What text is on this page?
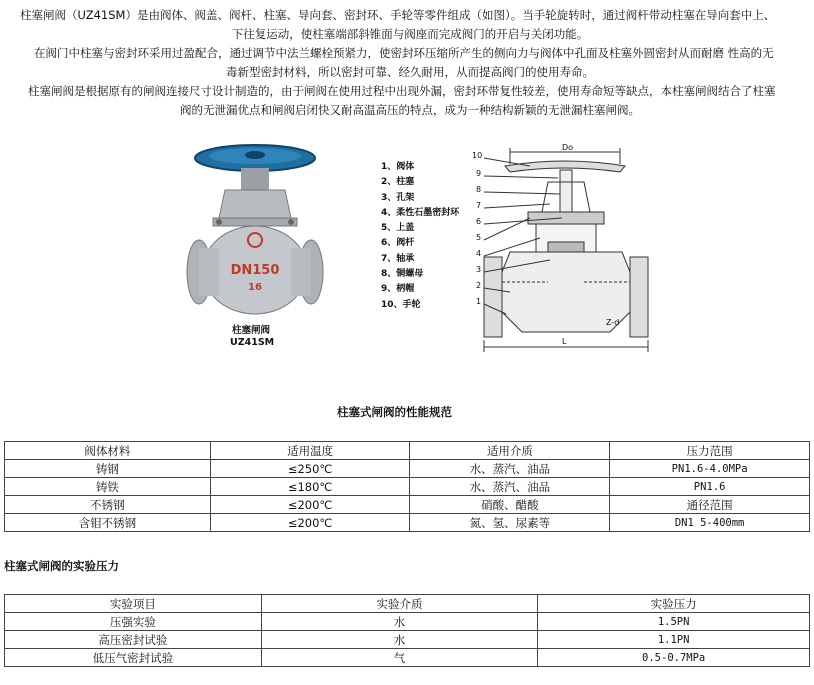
柱塞闸阀（UZ41SM）是由阀体、阀盖、阀杆、柱塞、导向套、密封环、手轮等零件组成（如图）。当手轮旋转时，通过阀杆带动柱塞在导向套中上、

下往复运动，使柱塞端部斜锥面与阀座而完成阀门的开启与关闭功能。

在阀门中柱塞与密封环采用过盈配合，通过调节中法兰螺栓预紧力，使密封环压缩所产生的侧向力与阀体中孔面及柱塞外圆密封从而耐磨 性高的无

毒新型密封材料，所以密封可靠、经久耐用，从而提高阀门的使用寿命。

柱塞闸阀是根据原有的闸阀连接尺寸设计制造的，由于闸阀在使用过程中出现外漏，密封环带复性较差，使用寿命短等缺点，本柱塞闸阀结合了柱塞

阀的无泄漏优点和闸阀启闭快又耐高温高压的特点，成为一种结构新颖的无泄漏柱塞闸阀。

DN150
16
柱塞闸阀
UZ41SM
1、阀体
2、柱塞
3、孔架
4、柔性石墨密封环
5、上盖
6、阀杆
7、轴承
8、铜螺母
9、柄帽
10、手轮
10
9
8
7
6
5
4
3
2
1
Do
L
Z-d
柱塞式闸阀的性能规范
阀体材料	适用温度	适用介质	压力范围
铸钢	≤250℃	水、蒸汽、油品	PN1.6-4.0MPa
铸铁	≤180℃	水、蒸汽、油品	PN1.6
不锈钢	≤200℃	硝酸、醋酸	通径范围
含钼不锈钢	≤200℃	氮、氢、尿素等	DN1 5-400mm
柱塞式闸阀的实验压力
实验项目	实验介质	实验压力
压强实验	水	1.5PN
高压密封试验	水	1.1PN
低压气密封试验	气	0.5-0.7MPa
